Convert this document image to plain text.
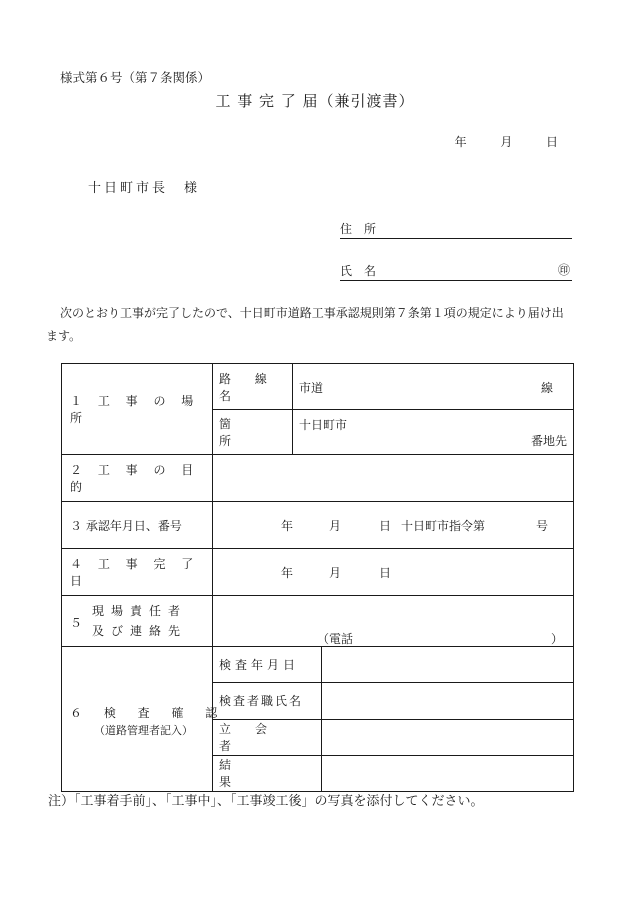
様式第６号（第７条関係）
工 事 完 了 届（兼引渡書）
年	月	日
十日町市長　様
住　所
氏　名	㊞
次のとおり工事が完了したので、十日町市道路工事承認規則第７条第１項の規定により届け出ます。
１ 工 事 の 場 所	路 線 名	市道 線	

	箇 所	十日町市
番地先	

２ 工 事 の 目 的			
３ 承認年月日、番号	年 月 日 十日町市指令第 号		

４ 工 事 完 了 日	年 月 日		

５
現場責任者
及び連絡先	（電話 ）		

６ 検 査 確 認
（道路管理者記入）	検査年月日		
	検査者職氏名		
	立会者		
	結果		
注）「工事着手前」、「工事中」、「工事竣工後」の写真を添付してください。
